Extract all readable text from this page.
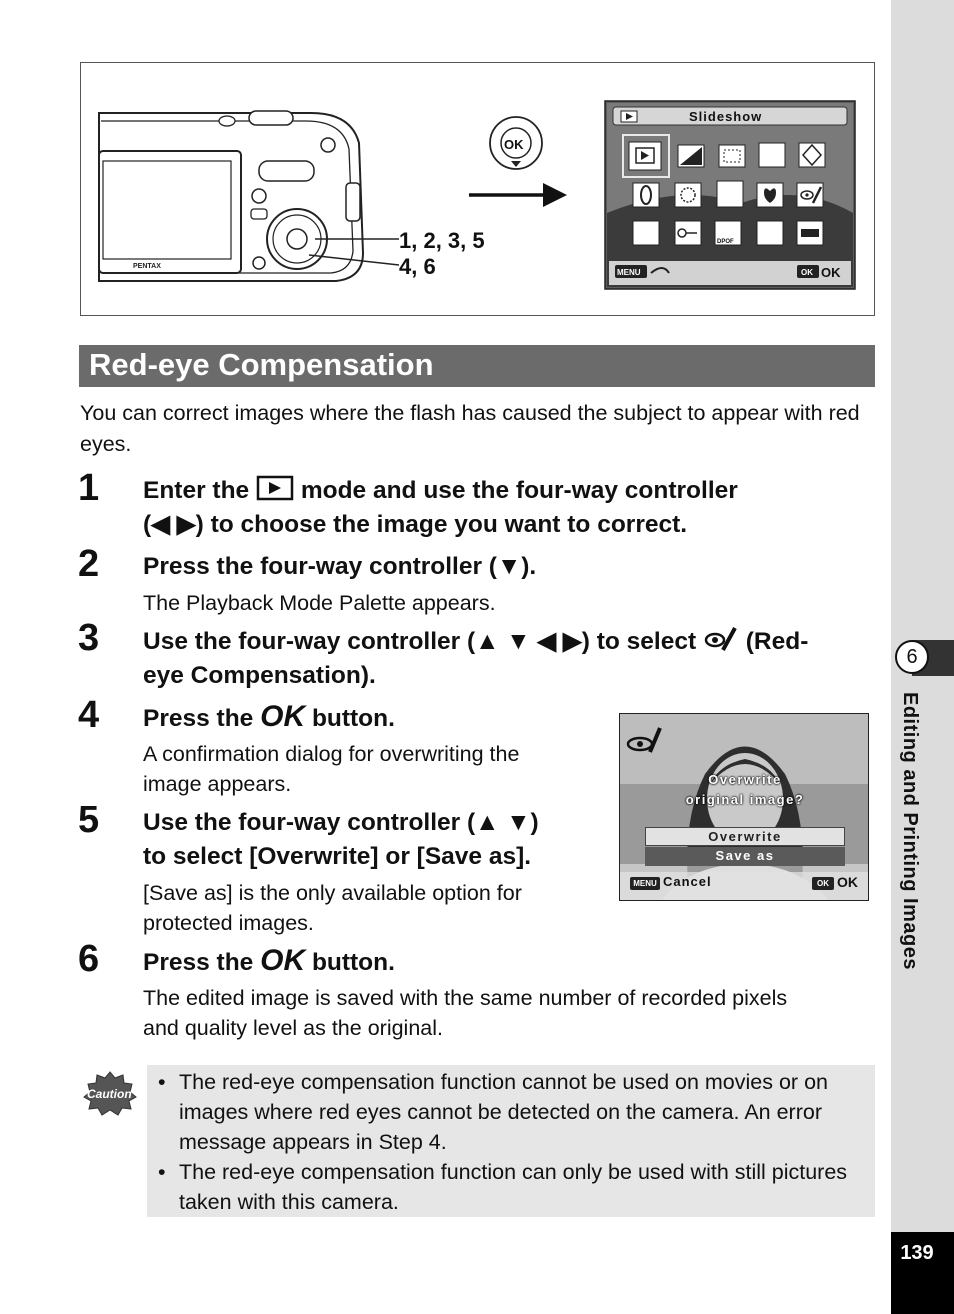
6
Editing and Printing Images
139
PENTAX
1, 2, 3, 5
4, 6
OK
Slideshow
DPOF
MENU	OK OK
Red-eye Compensation
You can correct images where the flash has caused the subject to appear with red eyes.
1 Enter the mode and use the four-way controller
(◀ ▶) to choose the image you want to correct.
2 Press the four-way controller (▼).
The Playback Mode Palette appears.
3 Use the four-way controller (▲ ▼ ◀ ▶) to select (Red-
eye Compensation).
4 Press the OK button.
A confirmation dialog for overwriting the
image appears.
5 Use the four-way controller (▲ ▼)
to select [Overwrite] or [Save as].
[Save as] is the only available option for
protected images.
6 Press the OK button.
The edited image is saved with the same number of recorded pixels
and quality level as the original.
Overwrite
original image?
Overwrite
Save as
MENU Cancel	OK OK
Caution
•	The red-eye compensation function cannot be used on movies or on images where red eyes cannot be detected on the camera. An error message appears in Step 4.
• The red-eye compensation function can only be used with still pictures taken with this camera.
